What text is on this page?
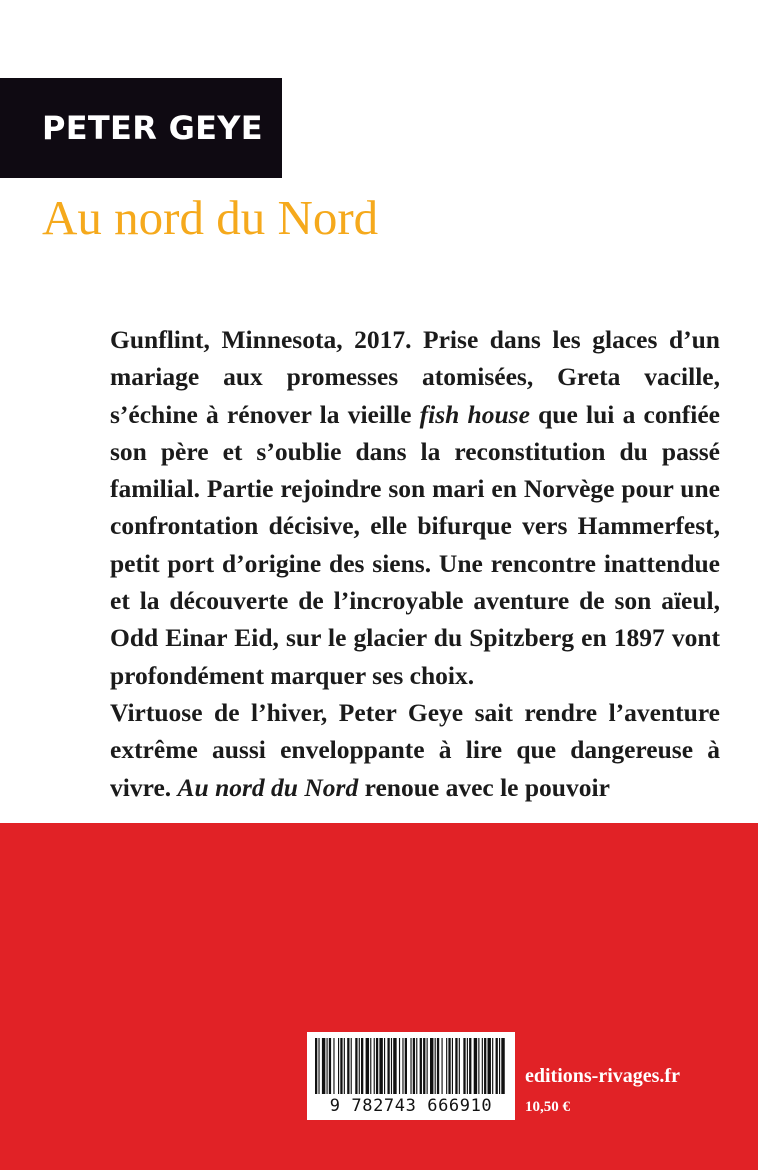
PETER GEYE
Au nord du Nord

Gunflint, Minnesota, 2017. Prise dans les glaces d’un mariage aux promesses atomisées, Greta vacille, s’échine à rénover la vieille fish house que lui a confiée son père et s’oublie dans la reconstitution du passé familial. Partie rejoindre son mari en Norvège pour une confrontation décisive, elle bifurque vers Hammerfest, petit port d’origine des siens. Une rencontre inattendue et la découverte de l’incroyable aventure de son aïeul, Odd Einar Eid, sur le glacier du Spitzberg en 1897 vont profondément marquer ses choix.

Virtuose de l’hiver, Peter Geye sait rendre l’aventure extrême aussi enveloppante à lire que dangereuse à vivre. Au nord du Nord renoue avec le pouvoir

9 782743 666910
editions-rivages.fr
10,50 €
